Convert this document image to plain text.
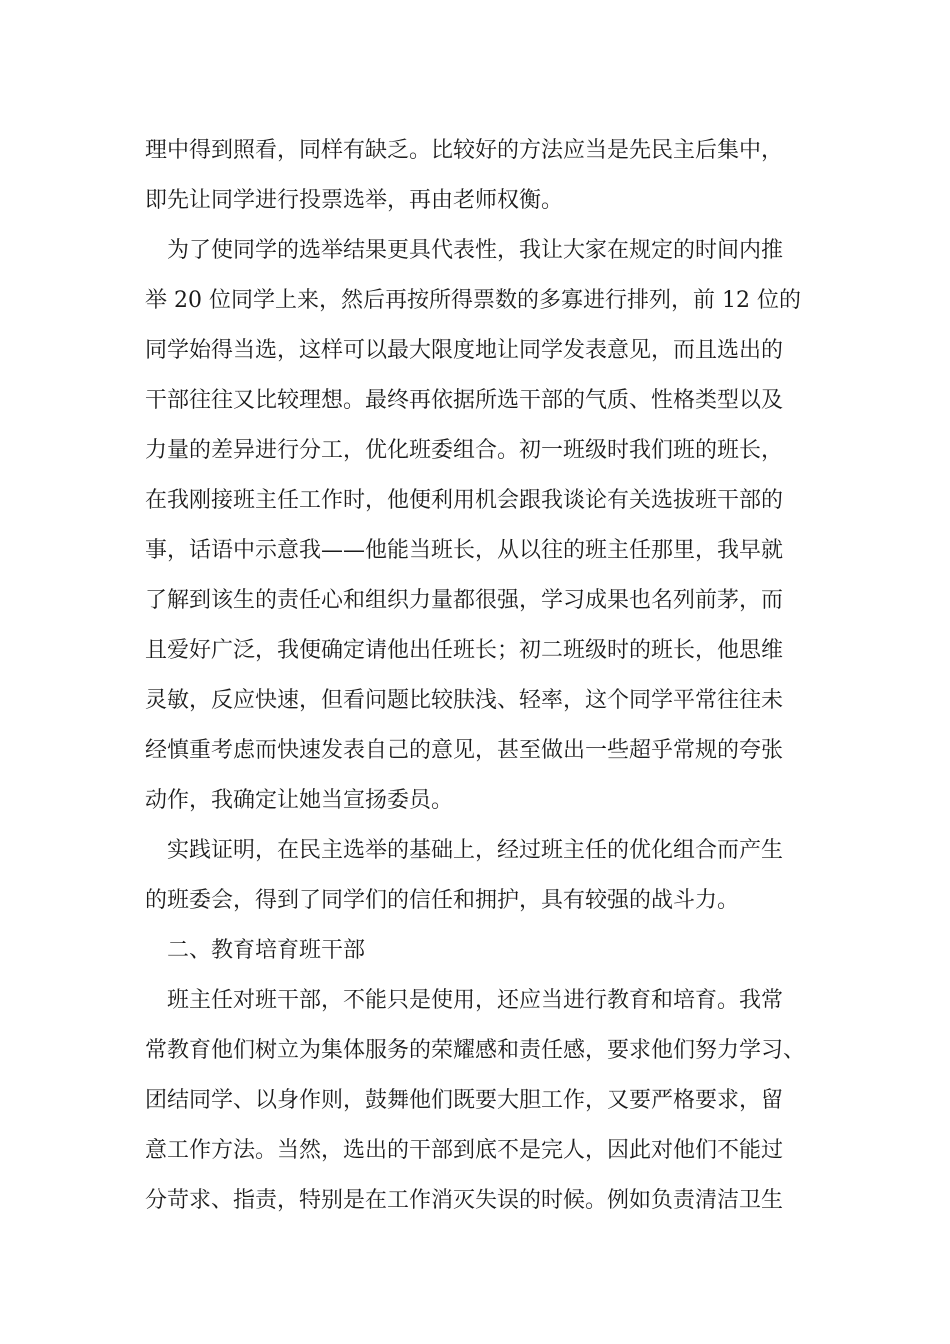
理中得到照看，同样有缺乏。比较好的方法应当是先民主后集中，
即先让同学进行投票选举，再由老师权衡。
为了使同学的选举结果更具代表性，我让大家在规定的时间内推
举 20 位同学上来，然后再按所得票数的多寡进行排列，前 12 位的
同学始得当选，这样可以最大限度地让同学发表意见，而且选出的
干部往往又比较理想。最终再依据所选干部的气质、性格类型以及
力量的差异进行分工，优化班委组合。初一班级时我们班的班长，
在我刚接班主任工作时，他便利用机会跟我谈论有关选拔班干部的
事，话语中示意我——他能当班长，从以往的班主任那里，我早就
了解到该生的责任心和组织力量都很强，学习成果也名列前茅，而
且爱好广泛，我便确定请他出任班长；初二班级时的班长，他思维
灵敏，反应快速，但看问题比较肤浅、轻率，这个同学平常往往未
经慎重考虑而快速发表自己的意见，甚至做出一些超乎常规的夸张
动作，我确定让她当宣扬委员。
实践证明，在民主选举的基础上，经过班主任的优化组合而产生
的班委会，得到了同学们的信任和拥护，具有较强的战斗力。
二、教育培育班干部
班主任对班干部，不能只是使用，还应当进行教育和培育。我常
常教育他们树立为集体服务的荣耀感和责任感，要求他们努力学习、
团结同学、以身作则，鼓舞他们既要大胆工作，又要严格要求，留
意工作方法。当然，选出的干部到底不是完人，因此对他们不能过
分苛求、指责，特别是在工作消灭失误的时候。例如负责清洁卫生
